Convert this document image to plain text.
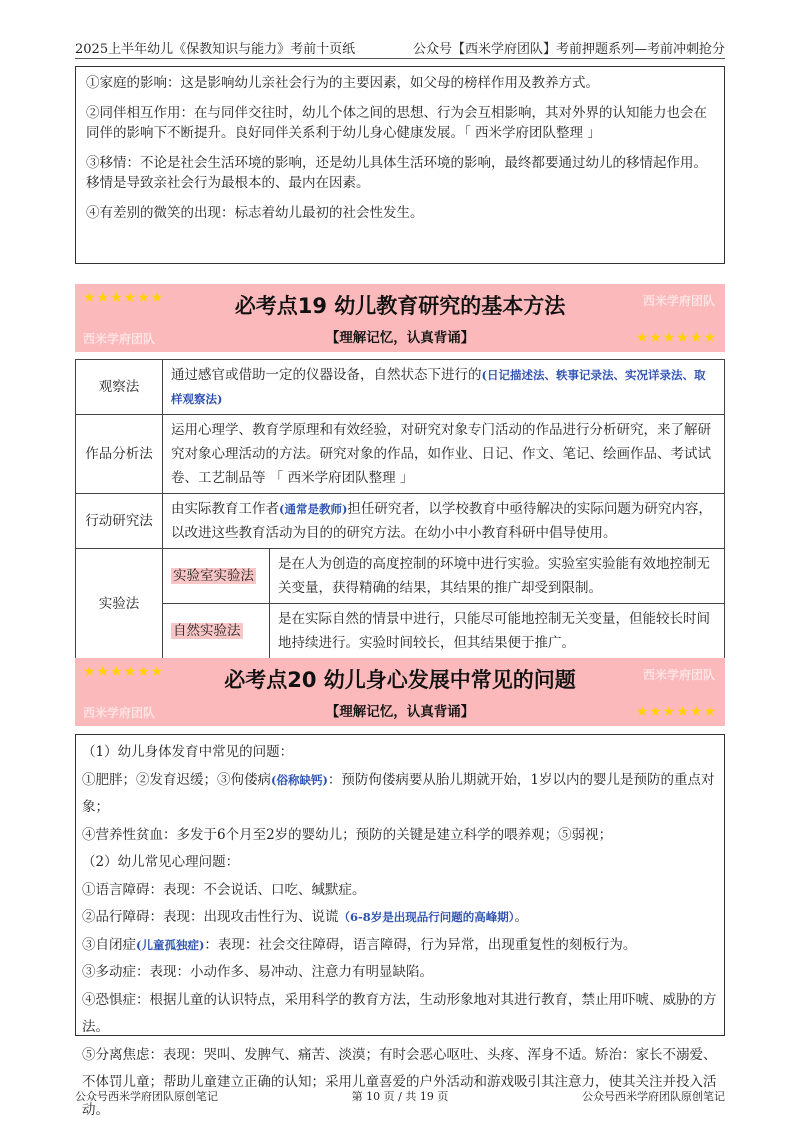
2025上半年幼儿《保教知识与能力》考前十页纸	公众号【西米学府团队】考前押题系列—考前冲刺抢分

①家庭的影响：这是影响幼儿亲社会行为的主要因素，如父母的榜样作用及教养方式。

②同伴相互作用：在与同伴交往时，幼儿个体之间的思想、行为会互相影响，其对外界的认知能力也会在同伴的影响下不断提升。良好同伴关系利于幼儿身心健康发展。「 西米学府团队整理 」

③移情：不论是社会生活环境的影响，还是幼儿具体生活环境的影响，最终都要通过幼儿的移情起作用。移情是导致亲社会行为最根本的、最内在因素。

④有差别的微笑的出现：标志着幼儿最初的社会性发生。

★★★★★★	西米学府团队
必考点19 幼儿教育研究的基本方法
西米学府团队	【理解记忆，认真背诵】	★★★★★★
观察法	通过感官或借助一定的仪器设备，自然状态下进行的(日记描述法、轶事记录法、实况详录法、取样观察法)	
作品分析法	运用心理学、教育学原理和有效经验，对研究对象专门活动的作品进行分析研究，来了解研究对象心理活动的方法。研究对象的作品，如作业、日记、作文、笔记、绘画作品、考试试卷、工艺制品等 「 西米学府团队整理 」	
行动研究法	由实际教育工作者(通常是教师)担任研究者，以学校教育中亟待解决的实际问题为研究内容，以改进这些教育活动为目的的研究方法。在幼小中小教育科研中倡导使用。	
实验法	实验室实验法	是在人为创造的高度控制的环境中进行实验。实验室实验能有效地控制无关变量，获得精确的结果，其结果的推广却受到限制。
	自然实验法	是在实际自然的情景中进行，只能尽可能地控制无关变量，但能较长时间地持续进行。实验时间较长，但其结果便于推广。
★★★★★★	西米学府团队
必考点20 幼儿身心发展中常见的问题
西米学府团队	【理解记忆，认真背诵】	★★★★★★

（1）幼儿身体发育中常见的问题：

①肥胖；②发育迟缓；③佝偻病(俗称缺钙)：预防佝偻病要从胎儿期就开始，1岁以内的婴儿是预防的重点对象；

④营养性贫血：多发于6个月至2岁的婴幼儿；预防的关键是建立科学的喂养观；⑤弱视；

（2）幼儿常见心理问题：

①语言障碍：表现：不会说话、口吃、缄默症。

②品行障碍：表现：出现攻击性行为、说谎（6-8岁是出现品行问题的高峰期）。

③自闭症(儿童孤独症)：表现：社会交往障碍，语言障碍，行为异常，出现重复性的刻板行为。

③多动症：表现：小动作多、易冲动、注意力有明显缺陷。

④恐惧症：根据儿童的认识特点，采用科学的教育方法，生动形象地对其进行教育，禁止用吓唬、威胁的方法。

⑤分离焦虑：表现：哭叫、发脾气、痛苦、淡漠；有时会恶心呕吐、头疼、浑身不适。矫治：家长不溺爱、不体罚儿童；帮助儿童建立正确的认知；采用儿童喜爱的户外活动和游戏吸引其注意力，使其关注并投入活动。

公众号西米学府团队原创笔记	第 10 页 / 共 19 页	公众号西米学府团队原创笔记
